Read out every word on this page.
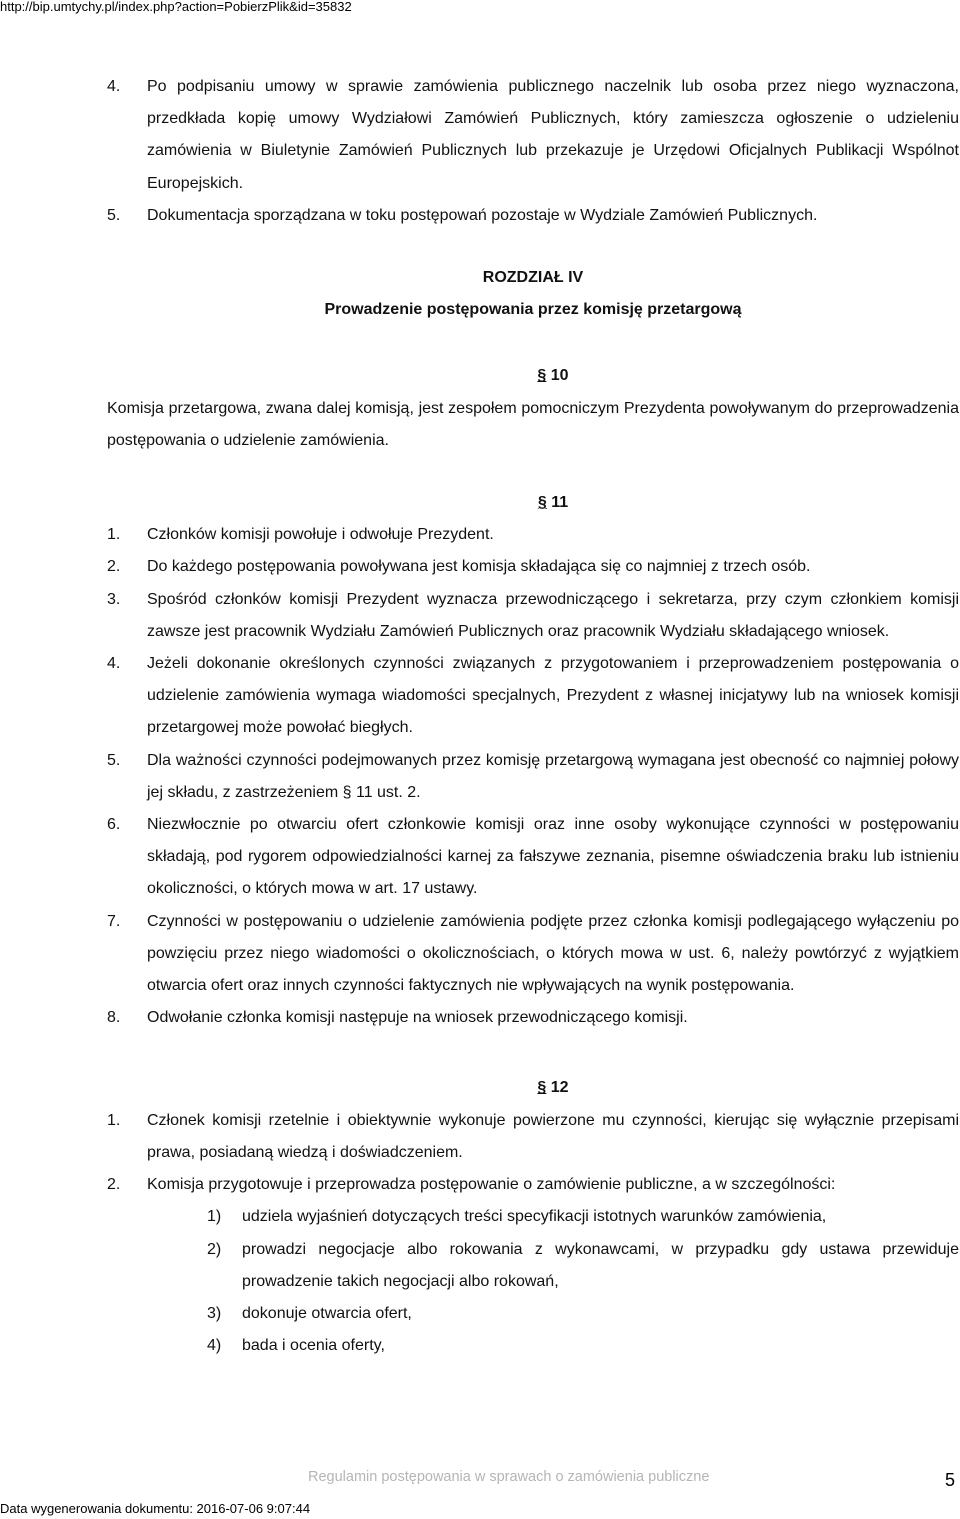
http://bip.umtychy.pl/index.php?action=PobierzPlik&id=35832
4.	Po podpisaniu umowy w sprawie zamówienia publicznego naczelnik lub osoba przez niego wyznaczona, przedkłada kopię umowy Wydziałowi Zamówień Publicznych, który zamieszcza ogłoszenie o udzieleniu zamówienia w Biuletynie Zamówień Publicznych lub przekazuje je Urzędowi Oficjalnych Publikacji Wspólnot Europejskich.
5.	Dokumentacja sporządzana w toku postępowań pozostaje w Wydziale Zamówień Publicznych.
ROZDZIAŁ IV
Prowadzenie postępowania przez komisję przetargową
§ 10
Komisja przetargowa, zwana dalej komisją, jest zespołem pomocniczym Prezydenta powoływanym do przeprowadzenia postępowania o udzielenie zamówienia.
§ 11
1.	Członków komisji powołuje i odwołuje Prezydent.
2.	Do każdego postępowania powoływana jest komisja składająca się co najmniej z trzech osób.
3.	Spośród członków komisji Prezydent wyznacza przewodniczącego i sekretarza, przy czym członkiem komisji zawsze jest pracownik Wydziału Zamówień Publicznych oraz pracownik Wydziału składającego wniosek.
4.	Jeżeli dokonanie określonych czynności związanych z przygotowaniem i przeprowadzeniem postępowania o udzielenie zamówienia wymaga wiadomości specjalnych, Prezydent z własnej inicjatywy lub na wniosek komisji przetargowej może powołać biegłych.
5.	Dla ważności czynności podejmowanych przez komisję przetargową wymagana jest obecność co najmniej połowy jej składu, z zastrzeżeniem § 11 ust. 2.
6.	Niezwłocznie po otwarciu ofert członkowie komisji oraz inne osoby wykonujące czynności w postępowaniu składają, pod rygorem odpowiedzialności karnej za fałszywe zeznania, pisemne oświadczenia braku lub istnieniu okoliczności, o których mowa w art. 17 ustawy.
7.	Czynności w postępowaniu o udzielenie zamówienia podjęte przez członka komisji podlegającego wyłączeniu po powzięciu przez niego wiadomości o okolicznościach, o których mowa w ust. 6, należy powtórzyć z wyjątkiem otwarcia ofert oraz innych czynności faktycznych nie wpływających na wynik postępowania.
8.	Odwołanie członka komisji następuje na wniosek przewodniczącego komisji.
§ 12
1.	Członek komisji rzetelnie i obiektywnie wykonuje powierzone mu czynności, kierując się wyłącznie przepisami prawa, posiadaną wiedzą i doświadczeniem.
2.	Komisja przygotowuje i przeprowadza postępowanie o zamówienie publiczne, a w szczególności:
1)	udziela wyjaśnień dotyczących treści specyfikacji istotnych warunków zamówienia,
2)	prowadzi negocjacje albo rokowania z wykonawcami, w przypadku gdy ustawa przewiduje prowadzenie takich negocjacji albo rokowań,
3)	dokonuje otwarcia ofert,
4)	bada i ocenia oferty,
Regulamin postępowania w sprawach o zamówienia publiczne	5
Data wygenerowania dokumentu: 2016-07-06 9:07:44
